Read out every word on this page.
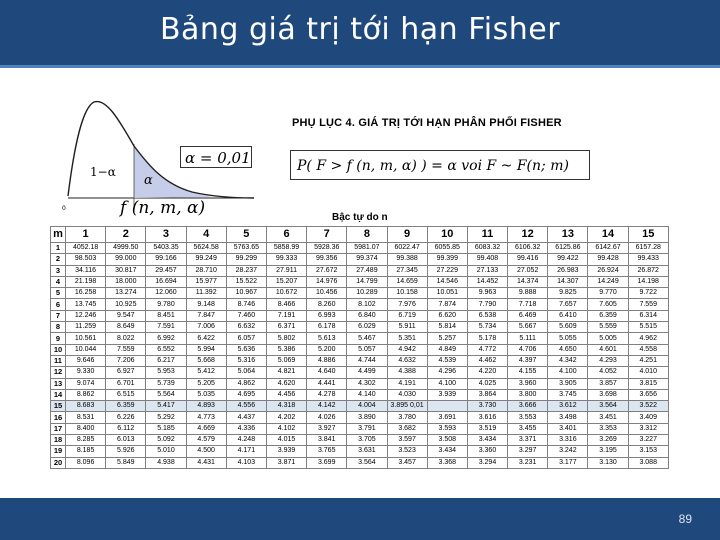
Bảng giá trị tới hạn Fisher
1−α
α
0
α = 0,01
f (n, m, α)
PHỤ LỤC 4. GIÁ TRỊ TỚI HẠN PHÂN PHỐI FISHER
P( F > f (n, m, α) ) = α voi F ~ F(n; m)
Bậc tự do n
m	1	2	3	4	5	6	7	8	9	10	11	12	13	14	15
1	4052.18	4999.50	5403.35	5624.58	5763.65	5858.99	5928.36	5981.07	6022.47	6055.85	6083.32	6106.32	6125.86	6142.67	6157.28
2	98.503	99.000	99.166	99.249	99.299	99.333	99.356	99.374	99.388	99.399	99.408	99.416	99.422	99.428	99.433
3	34.116	30.817	29.457	28.710	28.237	27.911	27.672	27.489	27.345	27.229	27.133	27.052	26.983	26.924	26.872
4	21.198	18.000	16.694	15.977	15.522	15.207	14.976	14.799	14.659	14.546	14.452	14.374	14.307	14.249	14.198
5	16.258	13.274	12.060	11.392	10.967	10.672	10.456	10.289	10.158	10.051	9.963	9.888	9.825	9.770	9.722
6	13.745	10.925	9.780	9.148	8.746	8.466	8.260	8.102	7.976	7.874	7.790	7.718	7.657	7.605	7.559
7	12.246	9.547	8.451	7.847	7.460	7.191	6.993	6.840	6.719	6.620	6.538	6.469	6.410	6.359	6.314
8	11.259	8.649	7.591	7.006	6.632	6.371	6.178	6.029	5.911	5.814	5.734	5.667	5.609	5.559	5.515
9	10.561	8.022	6.992	6.422	6.057	5.802	5.613	5.467	5.351	5.257	5.178	5.111	5.055	5.005	4.962
10	10.044	7.559	6.552	5.994	5.636	5.386	5.200	5.057	4.942	4.849	4.772	4.706	4.650	4.601	4.558
11	9.646	7.206	6.217	5.668	5.316	5.069	4.886	4.744	4.632	4.539	4.462	4.397	4.342	4.293	4.251
12	9.330	6.927	5.953	5.412	5.064	4.821	4.640	4.499	4.388	4.296	4.220	4.155	4.100	4.052	4.010
13	9.074	6.701	5.739	5.205	4.862	4.620	4.441	4.302	4.191	4.100	4.025	3.960	3.905	3.857	3.815
14	8.862	6.515	5.564	5.035	4.695	4.456	4.278	4.140	4.030	3.939	3.864	3.800	3.745	3.698	3.656
15	8.683	6.359	5.417	4.893	4.556	4.318	4.142	4.004	3.895 0,01		3.730	3.666	3.612	3.564	3.522
16	8.531	6.226	5.292	4.773	4.437	4.202	4.026	3.890	3.780	3.691	3.616	3.553	3.498	3.451	3.409
17	8.400	6.112	5.185	4.669	4.336	4.102	3.927	3.791	3.682	3.593	3.519	3.455	3.401	3.353	3.312
18	8.285	6.013	5.092	4.579	4.248	4.015	3.841	3.705	3.597	3.508	3.434	3.371	3.316	3.269	3.227
19	8.185	5.926	5.010	4.500	4.171	3.939	3.765	3.631	3.523	3.434	3.360	3.297	3.242	3.195	3.153
20	8.096	5.849	4.938	4.431	4.103	3.871	3.699	3.564	3.457	3.368	3.294	3.231	3.177	3.130	3.088
89
